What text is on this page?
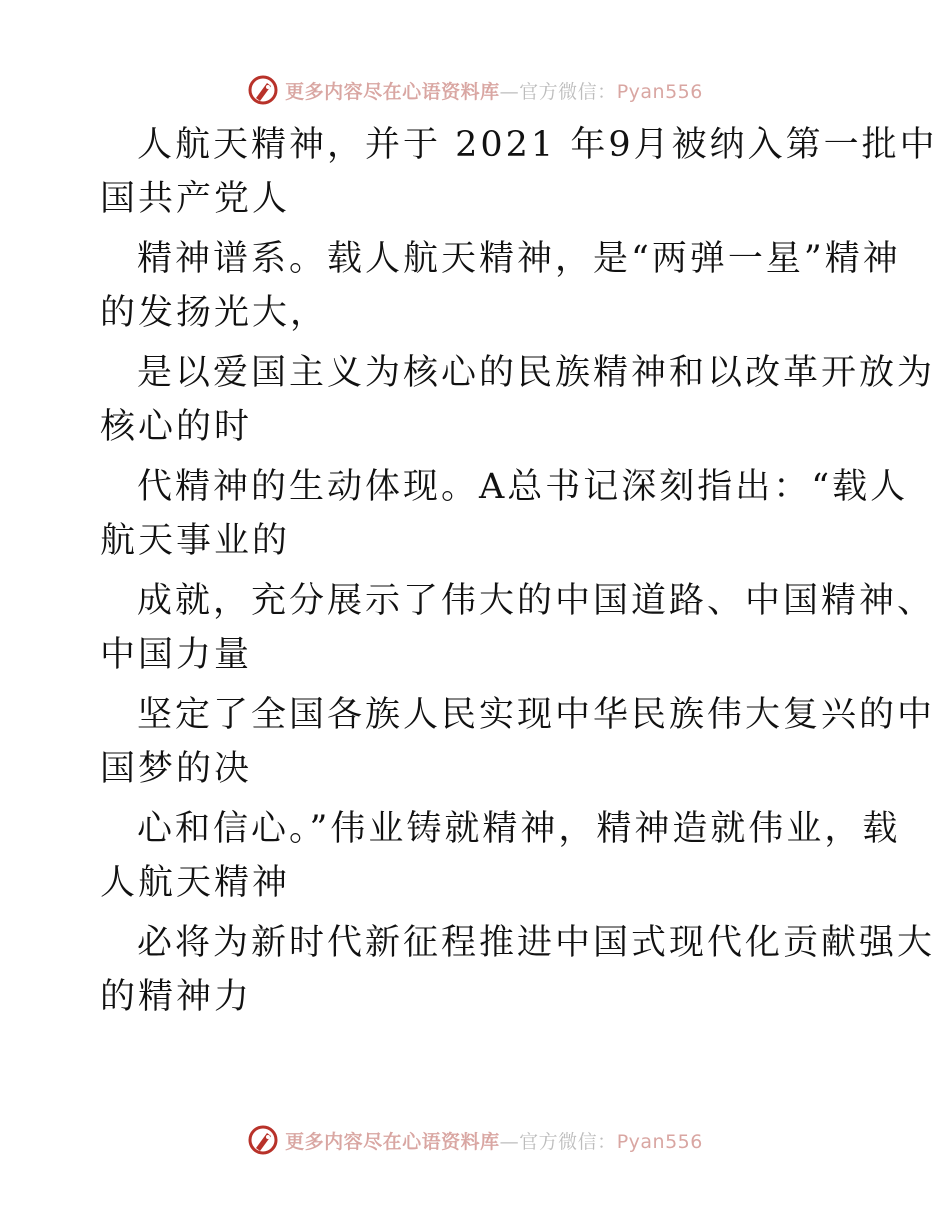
更多内容尽在心语资料库—官方微信：Pyan556

人航天精神，并于 2021 年9月被纳入第一批中
国共产党人

精神谱系。载人航天精神，是“两弹一星”精神
的发扬光大，

是以爱国主义为核心的民族精神和以改革开放为
核心的时

代精神的生动体现。A总书记深刻指出：“载人
航天事业的

成就，充分展示了伟大的中国道路、中国精神、
中国力量

坚定了全国各族人民实现中华民族伟大复兴的中
国梦的决

心和信心。”伟业铸就精神，精神造就伟业，载
人航天精神

必将为新时代新征程推进中国式现代化贡献强大
的精神力

更多内容尽在心语资料库—官方微信：Pyan556
